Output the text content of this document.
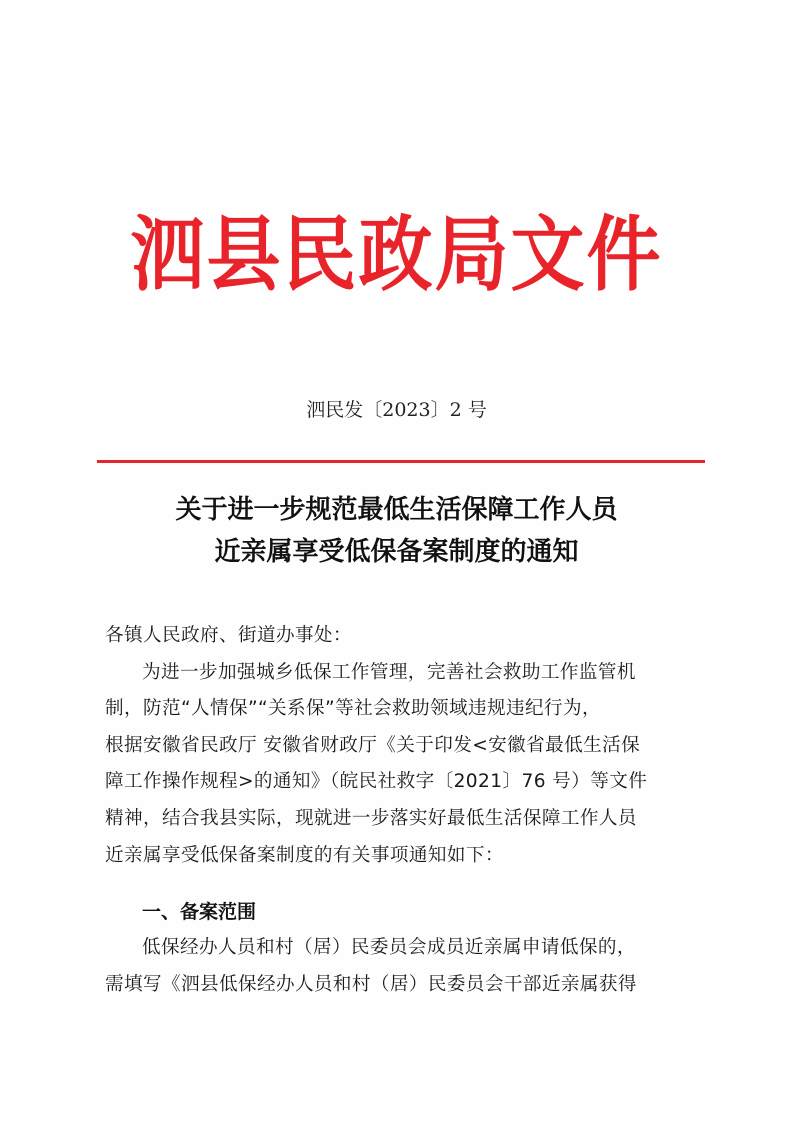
泗县民政局文件
泗民发〔2023〕2 号
关于进一步规范最低生活保障工作人员
近亲属享受低保备案制度的通知
各镇人民政府、街道办事处：
为进一步加强城乡低保工作管理，完善社会救助工作监管机
制，防范“人情保”“关系保”等社会救助领域违规违纪行为，
根据安徽省民政厅 安徽省财政厅《关于印发<安徽省最低生活保
障工作操作规程>的通知》（皖民社救字〔2021〕76 号）等文件
精神，结合我县实际，现就进一步落实好最低生活保障工作人员
近亲属享受低保备案制度的有关事项通知如下：
一、备案范围
低保经办人员和村（居）民委员会成员近亲属申请低保的，
需填写《泗县低保经办人员和村（居）民委员会干部近亲属获得
